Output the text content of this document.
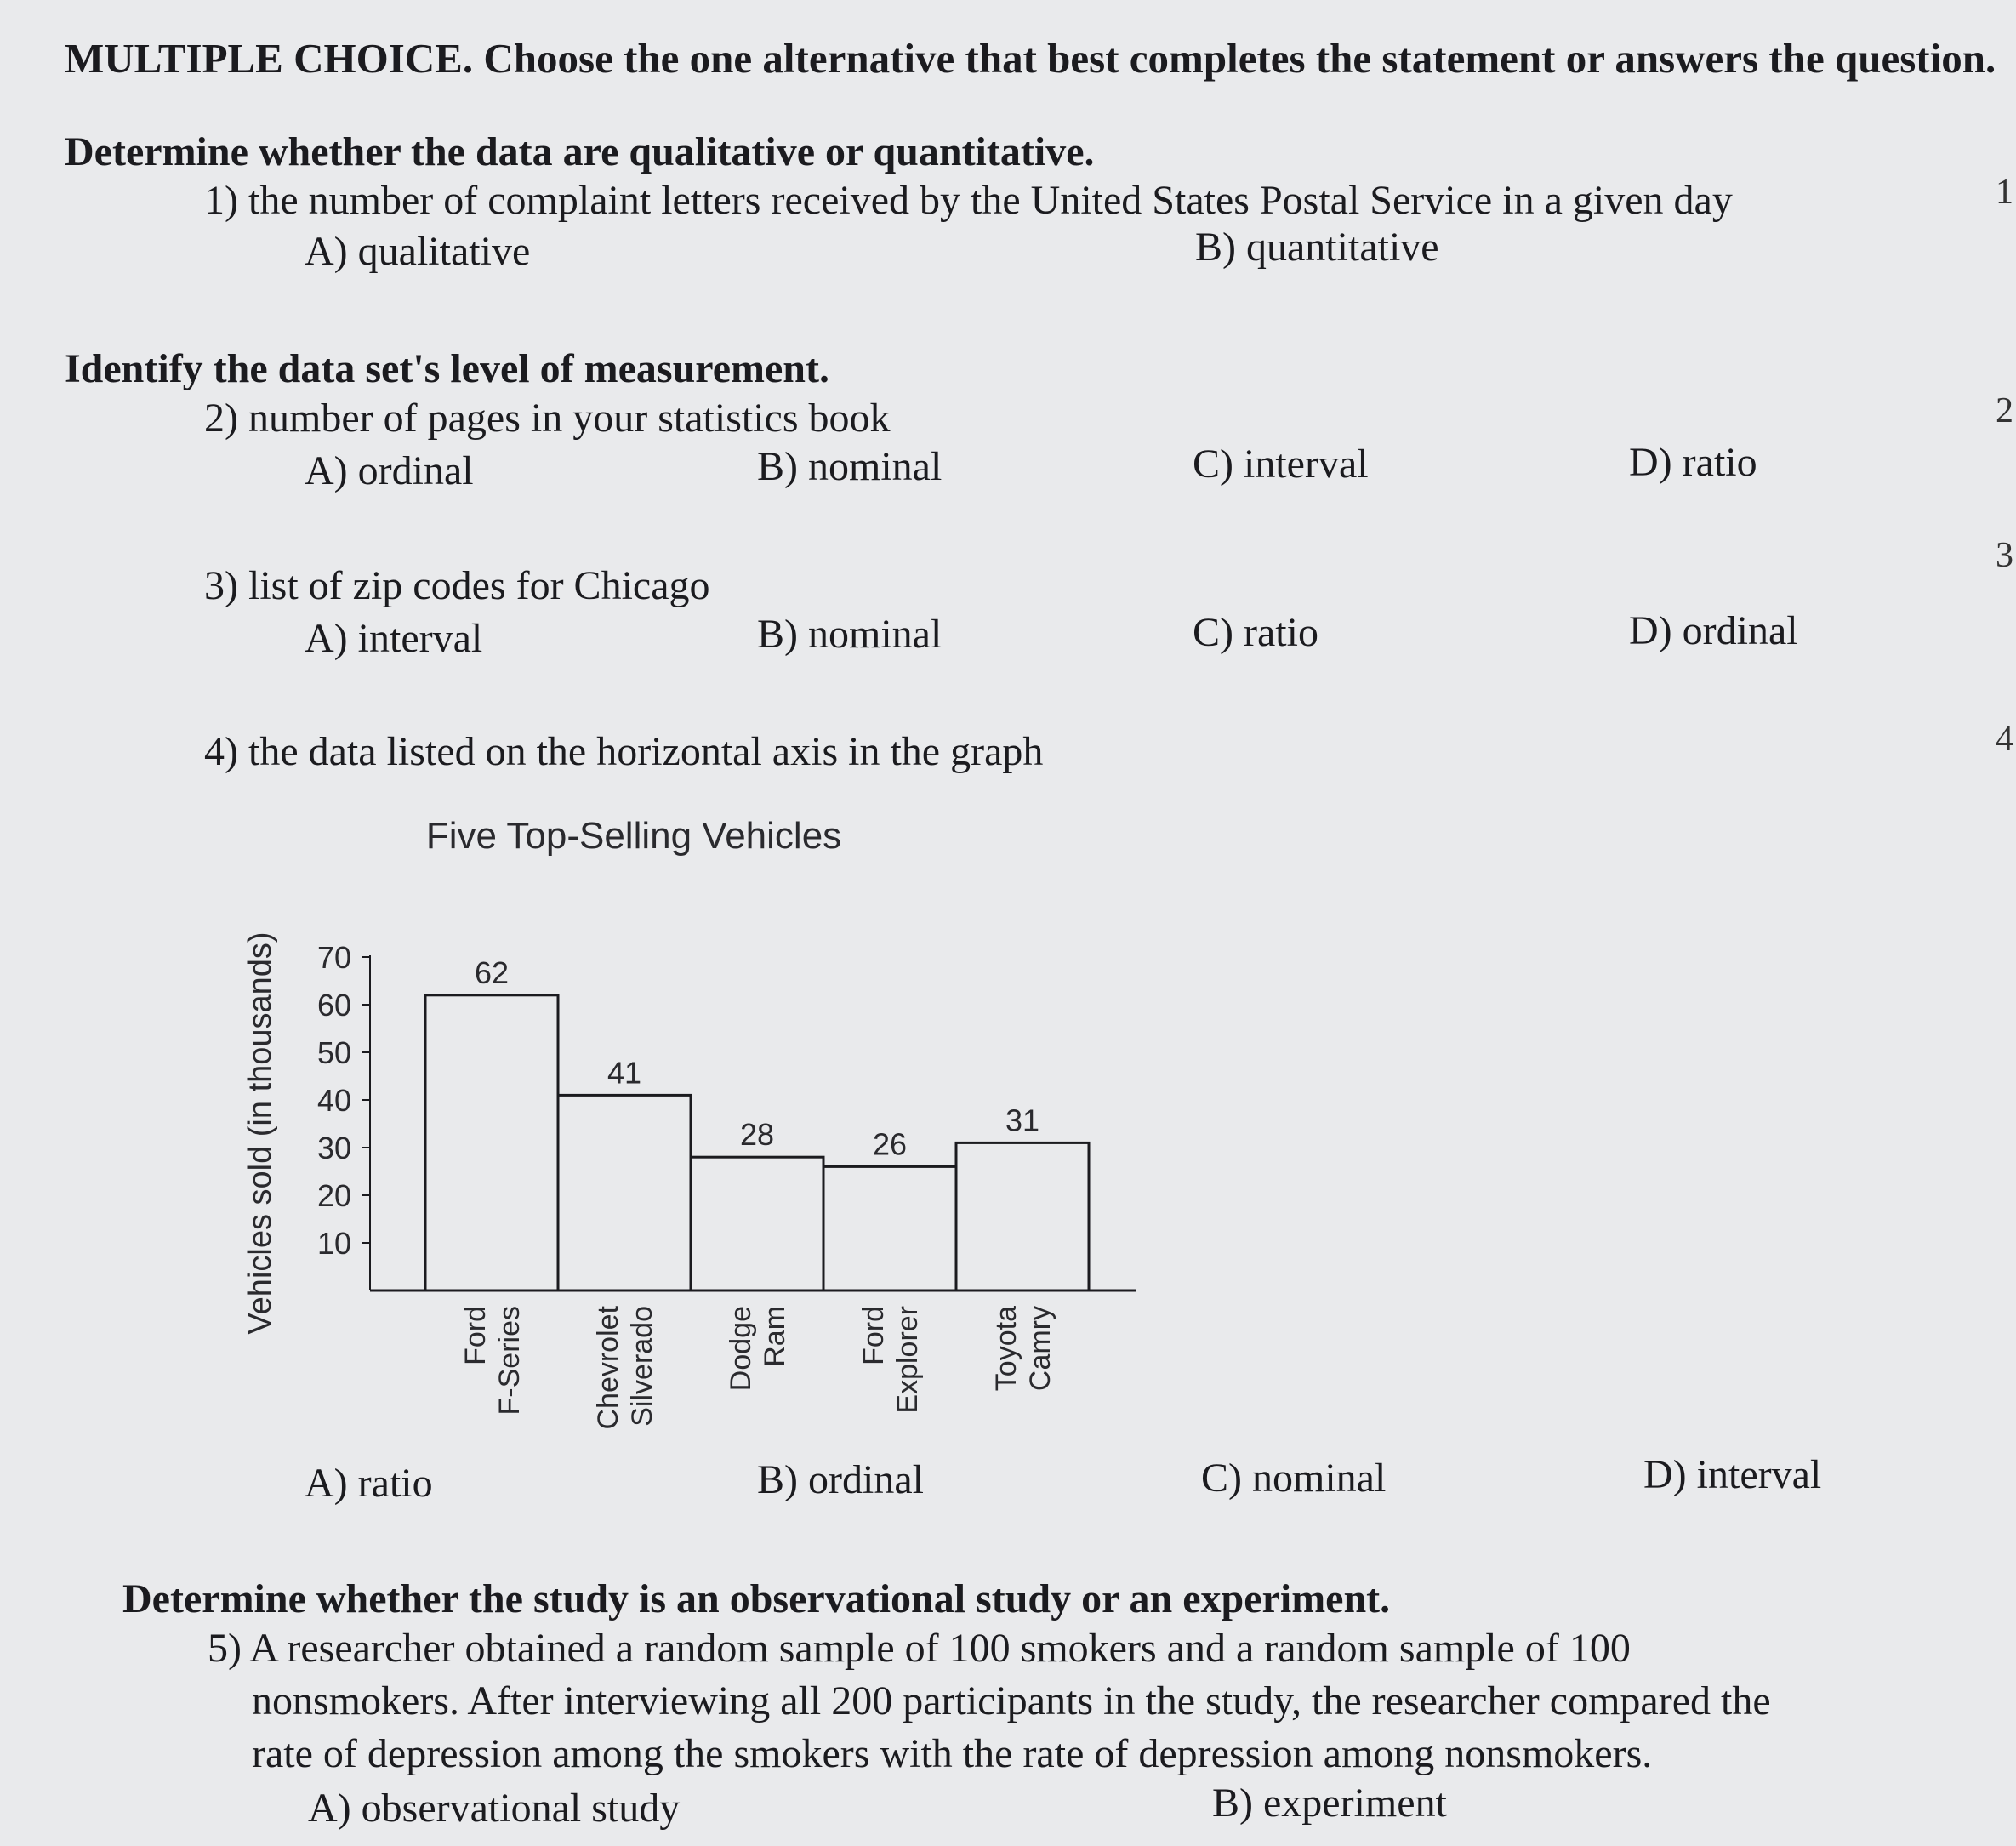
MULTIPLE CHOICE. Choose the one alternative that best completes the statement or answers the question.
Determine whether the data are qualitative or quantitative.
1) the number of complaint letters received by the United States Postal Service in a given day	1
A) qualitative	B) quantitative
Identify the data set's level of measurement.
2) number of pages in your statistics book	2
A) ordinal	B) nominal	C) interval	D) ratio
3) list of zip codes for Chicago
3
A) interval	B) nominal	C) ratio	D) ordinal
4) the data listed on the horizontal axis in the graph	4
Five Top-Selling Vehicles
Vehicles sold (in thousands) 10
20
30
40
50
60
70	62
Ford F-Series
41
Chevrolet Silverado
28
Dodge Ram
26
Ford Explorer
31
Toyota Camry
A) ratio	B) ordinal	C) nominal	D) interval
Determine whether the study is an observational study or an experiment.
5) A researcher obtained a random sample of 100 smokers and a random sample of 100
nonsmokers. After interviewing all 200 participants in the study, the researcher compared the
rate of depression among the smokers with the rate of depression among nonsmokers.
A) observational study	B) experiment
